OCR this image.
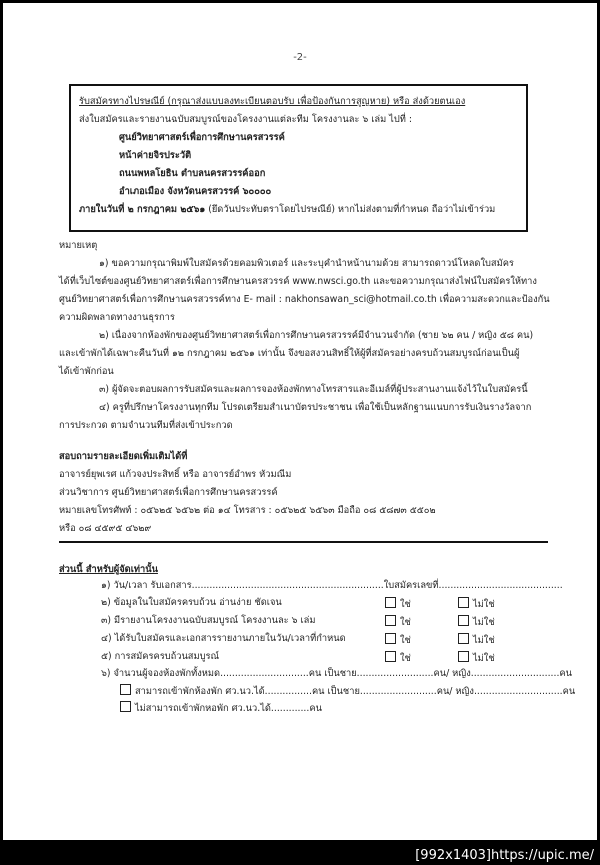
-2-
รับสมัครทางไปรษณีย์ (กรุณาส่งแบบลงทะเบียนตอบรับ เพื่อป้องกันการสูญหาย) หรือ ส่งด้วยตนเอง
ส่งใบสมัครและรายงานฉบับสมบูรณ์ของโครงงานแต่ละทีม โครงงานละ ๖ เล่ม ไปที่ :
ศูนย์วิทยาศาสตร์เพื่อการศึกษานครสวรรค์
หน้าค่ายจิรประวัติ
ถนนพหลโยธิน ตำบลนครสวรรค์ออก
อำเภอเมือง จังหวัดนครสวรรค์ ๖๐๐๐๐
ภายในวันที่ ๒ กรกฎาคม ๒๕๖๑ (ยึดวันประทับตราโดยไปรษณีย์) หากไม่ส่งตามที่กำหนด ถือว่าไม่เข้าร่วม
หมายเหตุ
๑) ขอความกรุณาพิมพ์ใบสมัครด้วยคอมพิวเตอร์ และระบุคำนำหน้านามด้วย สามารถดาวน์โหลดใบสมัคร
ได้ที่เว็บไซต์ของศูนย์วิทยาศาสตร์เพื่อการศึกษานครสวรรค์ www.nwsci.go.th และขอความกรุณาส่งไฟน์ใบสมัครให้ทาง
ศูนย์วิทยาศาสตร์เพื่อการศึกษานครสวรรค์ทาง E- mail : nakhonsawan_sci@hotmail.co.th เพื่อความสะดวกและป้องกัน
ความผิดพลาดทางงานธุรการ
๒) เนื่องจากห้องพักของศูนย์วิทยาศาสตร์เพื่อการศึกษานครสวรรค์มีจำนวนจำกัด (ชาย ๖๒ คน / หญิง ๕๘ คน)
และเข้าพักได้เฉพาะคืนวันที่ ๑๒ กรกฎาคม ๒๕๖๑ เท่านั้น จึงขอสงวนสิทธิ์ให้ผู้ที่สมัครอย่างครบถ้วนสมบูรณ์ก่อนเป็นผู้
ได้เข้าพักก่อน
๓) ผู้จัดจะตอบผลการรับสมัครและผลการจองห้องพักทางโทรสารและอีเมล์ที่ผู้ประสานงานแจ้งไว้ในใบสมัครนี้
๔) ครูที่ปรึกษาโครงงานทุกทีม โปรดเตรียมสำเนาบัตรประชาชน เพื่อใช้เป็นหลักฐานแนบการรับเงินรางวัลจาก
การประกวด ตามจำนวนทีมที่ส่งเข้าประกวด
สอบถามรายละเอียดเพิ่มเติมได้ที่
อาจารย์ยุพเรศ แก้วจงประสิทธิ์ หรือ อาจารย์อำพร หัวมณีม
ส่วนวิชาการ ศูนย์วิทยาศาสตร์เพื่อการศึกษานครสวรรค์
หมายเลขโทรศัพท์ : ๐๕๖๒๕ ๖๕๖๒ ต่อ ๑๔ โทรสาร : ๐๕๖๒๕ ๖๕๖๓ มือถือ ๐๘ ๕๘๗๓ ๕๕๐๒
หรือ ๐๘ ๔๕๙๕ ๔๖๒๙
ส่วนนี้ สำหรับผู้จัดเท่านั้น
๑) วัน/เวลา รับเอกสาร.................................................................ใบสมัครเลขที่..........................................
๒) ข้อมูลในใบสมัครครบถ้วน อ่านง่าย ชัดเจน	ใช่	ไม่ใช่
๓) มีรายงานโครงงานฉบับสมบูรณ์ โครงงานละ ๖ เล่ม	ใช่	ไม่ใช่
๔) ได้รับใบสมัครและเอกสารรายงานภายในวัน/เวลาที่กำหนด	ใช่	ไม่ใช่
๕) การสมัครครบถ้วนสมบูรณ์	ใช่	ไม่ใช่
๖) จำนวนผู้จองห้องพักทั้งหมด..............................คน เป็นชาย..........................คน/ หญิง..............................คน
สามารถเข้าพักห้องพัก ศว.นว.ได้................คน เป็นชาย..........................คน/ หญิง..............................คน
ไม่สามารถเข้าพักหอพัก ศว.นว.ได้.............คน
[992x1403]https://upic.me/
